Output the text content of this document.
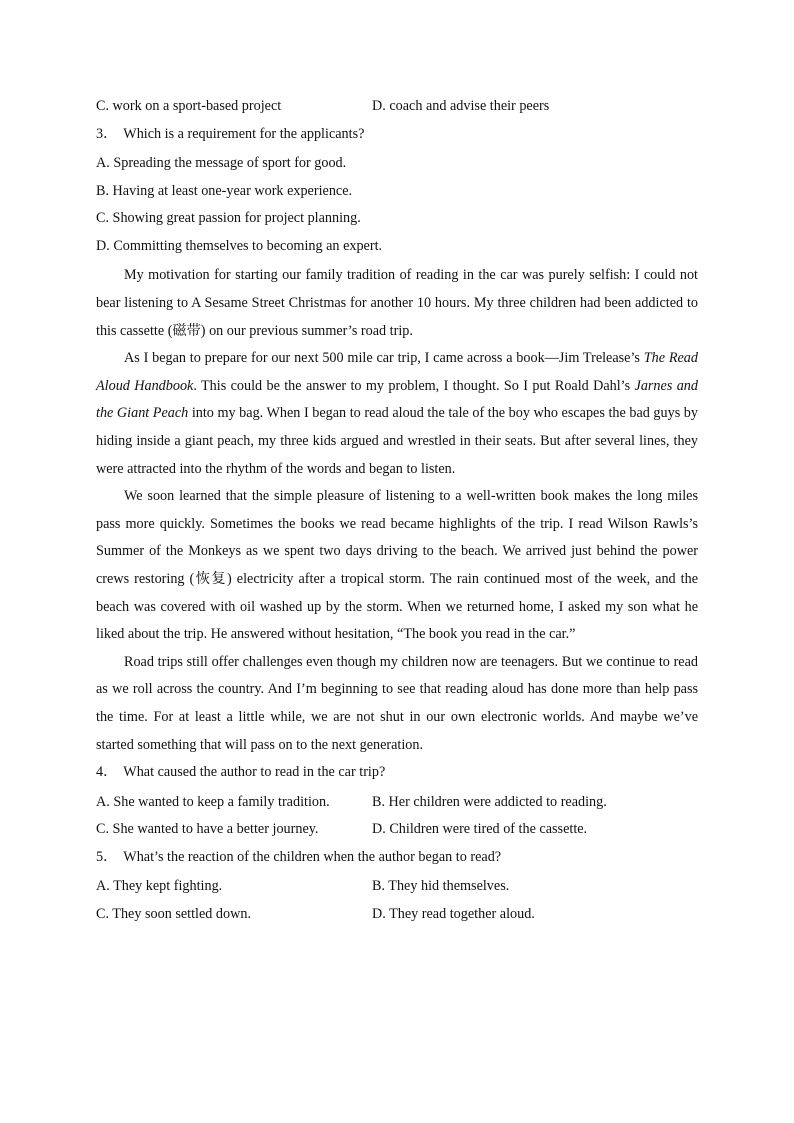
C. work on a sport-based project	D. coach and advise their peers
3． Which is a requirement for the applicants?
A. Spreading the message of sport for good.
B. Having at least one-year work experience.
C. Showing great passion for project planning.
D. Committing themselves to becoming an expert.
My motivation for starting our family tradition of reading in the car was purely selfish: I could not bear listening to A Sesame Street Christmas for another 10 hours. My three children had been addicted to this cassette (磁带) on our previous summer’s road trip.
As I began to prepare for our next 500 mile car trip, I came across a book—Jim Trelease’s The Read Aloud Handbook. This could be the answer to my problem, I thought. So I put Roald Dahl’s Jarnes and the Giant Peach into my bag. When I began to read aloud the tale of the boy who escapes the bad guys by hiding inside a giant peach, my three kids argued and wrestled in their seats. But after several lines, they were attracted into the rhythm of the words and began to listen.
We soon learned that the simple pleasure of listening to a well-written book makes the long miles pass more quickly. Sometimes the books we read became highlights of the trip. I read Wilson Rawls’s Summer of the Monkeys as we spent two days driving to the beach. We arrived just behind the power crews restoring (恢复) electricity after a tropical storm. The rain continued most of the week, and the beach was covered with oil washed up by the storm. When we returned home, I asked my son what he liked about the trip. He answered without hesitation, “The book you read in the car.”
Road trips still offer challenges even though my children now are teenagers. But we continue to read as we roll across the country. And I’m beginning to see that reading aloud has done more than help pass the time. For at least a little while, we are not shut in our own electronic worlds. And maybe we’ve started something that will pass on to the next generation.
4． What caused the author to read in the car trip?
A. She wanted to keep a family tradition.	B. Her children were addicted to reading.
C. She wanted to have a better journey.	D. Children were tired of the cassette.
5． What’s the reaction of the children when the author began to read?
A. They kept fighting.	B. They hid themselves.
C. They soon settled down.	D. They read together aloud.
